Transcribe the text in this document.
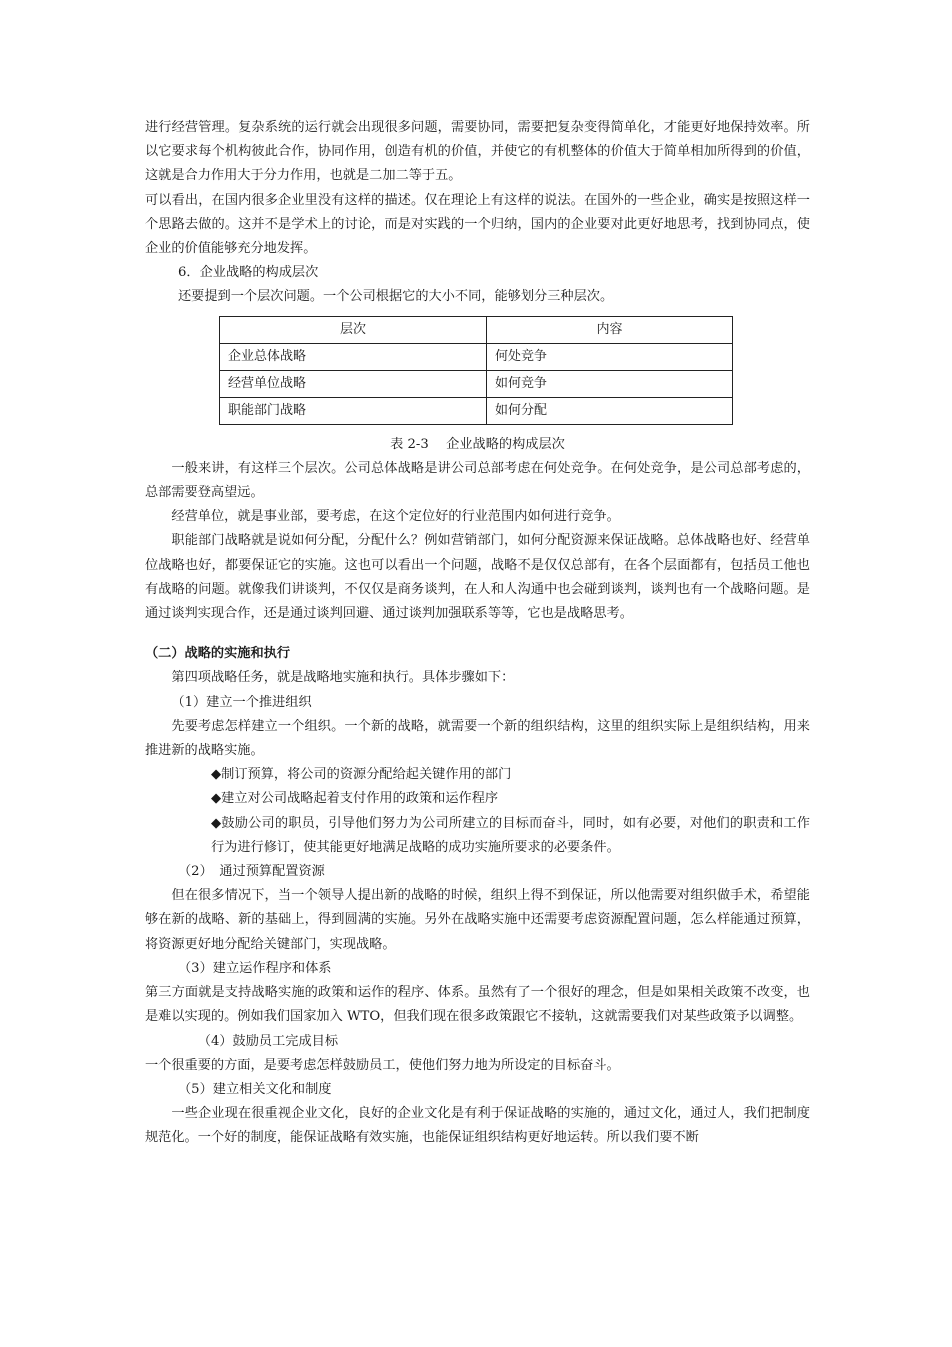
进行经营管理。复杂系统的运行就会出现很多问题，需要协同，需要把复杂变得简单化，才能更好地保持效率。所以它要求每个机构彼此合作，协同作用，创造有机的价值，并使它的有机整体的价值大于简单相加所得到的价值，这就是合力作用大于分力作用，也就是二加二等于五。

可以看出，在国内很多企业里没有这样的描述。仅在理论上有这样的说法。在国外的一些企业，确实是按照这样一个思路去做的。这并不是学术上的讨论，而是对实践的一个归纳，国内的企业要对此更好地思考，找到协同点，使企业的价值能够充分地发挥。

6．企业战略的构成层次

还要提到一个层次问题。一个公司根据它的大小不同，能够划分三种层次。

层次	内容
企业总体战略	何处竞争
经营单位战略	如何竞争
职能部门战略	如何分配

表 2-3　 企业战略的构成层次

一般来讲，有这样三个层次。公司总体战略是讲公司总部考虑在何处竞争。在何处竞争，是公司总部考虑的，总部需要登高望远。

经营单位，就是事业部，要考虑，在这个定位好的行业范围内如何进行竞争。

职能部门战略就是说如何分配，分配什么？例如营销部门，如何分配资源来保证战略。总体战略也好、经营单位战略也好，都要保证它的实施。这也可以看出一个问题，战略不是仅仅总部有，在各个层面都有，包括员工他也有战略的问题。就像我们讲谈判，不仅仅是商务谈判，在人和人沟通中也会碰到谈判，谈判也有一个战略问题。是通过谈判实现合作，还是通过谈判回避、通过谈判加强联系等等，它也是战略思考。

（二）战略的实施和执行

第四项战略任务，就是战略地实施和执行。具体步骤如下：

（1）建立一个推进组织

先要考虑怎样建立一个组织。一个新的战略，就需要一个新的组织结构，这里的组织实际上是组织结构，用来推进新的战略实施。

◆制订预算，将公司的资源分配给起关键作用的部门

◆建立对公司战略起着支付作用的政策和运作程序

◆鼓励公司的职员，引导他们努力为公司所建立的目标而奋斗，同时，如有必要，对他们的职责和工作行为进行修订，使其能更好地满足战略的成功实施所要求的必要条件。

（2）　通过预算配置资源

但在很多情况下，当一个领导人提出新的战略的时候，组织上得不到保证，所以他需要对组织做手术，希望能够在新的战略、新的基础上，得到圆满的实施。另外在战略实施中还需要考虑资源配置问题，怎么样能通过预算，将资源更好地分配给关键部门，实现战略。

（3）建立运作程序和体系

第三方面就是支持战略实施的政策和运作的程序、体系。虽然有了一个很好的理念，但是如果相关政策不改变，也是难以实现的。例如我们国家加入 WTO，但我们现在很多政策跟它不接轨，这就需要我们对某些政策予以调整。

（4）鼓励员工完成目标

一个很重要的方面，是要考虑怎样鼓励员工，使他们努力地为所设定的目标奋斗。

（5）建立相关文化和制度

一些企业现在很重视企业文化，良好的企业文化是有利于保证战略的实施的，通过文化，通过人，我们把制度规范化。一个好的制度，能保证战略有效实施，也能保证组织结构更好地运转。所以我们要不断
